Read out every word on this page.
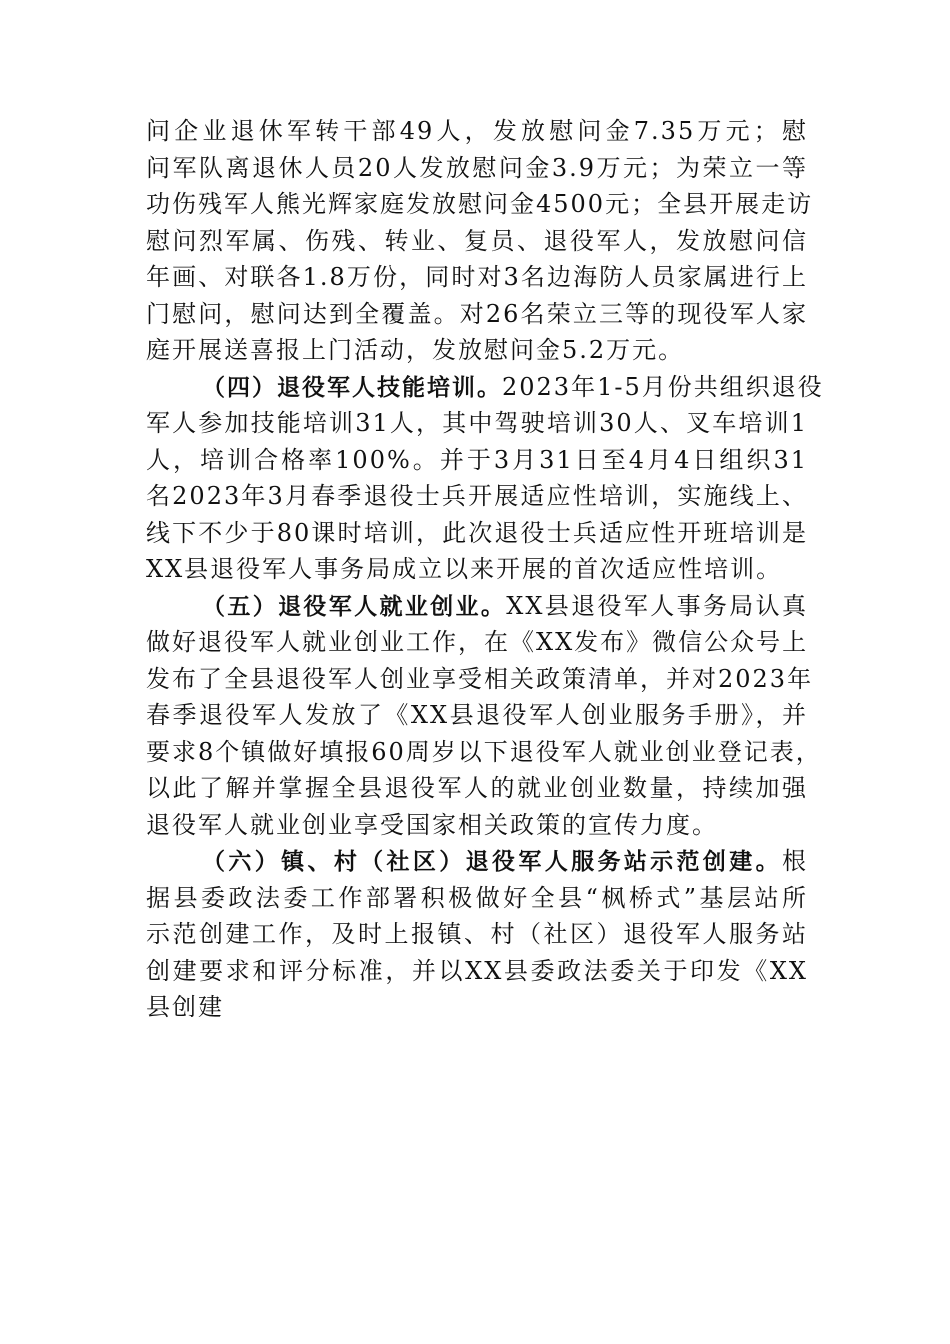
问企业退休军转干部49人，发放慰问金7.35万元；慰
问军队离退休人员20人发放慰问金3.9万元；为荣立一等
功伤残军人熊光辉家庭发放慰问金4500元；全县开展走访
慰问烈军属、伤残、转业、复员、退役军人，发放慰问信
年画、对联各1.8万份，同时对3名边海防人员家属进行上
门慰问，慰问达到全覆盖。对26名荣立三等的现役军人家
庭开展送喜报上门活动，发放慰问金5.2万元。
（四）退役军人技能培训。2023年1-5月份共组织退役
军人参加技能培训31人，其中驾驶培训30人、叉车培训1
人，培训合格率100%。并于3月31日至4月4日组织31
名2023年3月春季退役士兵开展适应性培训，实施线上、
线下不少于80课时培训，此次退役士兵适应性开班培训是
XX县退役军人事务局成立以来开展的首次适应性培训。
（五）退役军人就业创业。XX县退役军人事务局认真
做好退役军人就业创业工作，在《XX发布》微信公众号上
发布了全县退役军人创业享受相关政策清单，并对2023年
春季退役军人发放了《XX县退役军人创业服务手册》，并
要求8个镇做好填报60周岁以下退役军人就业创业登记表，
以此了解并掌握全县退役军人的就业创业数量，持续加强
退役军人就业创业享受国家相关政策的宣传力度。
（六）镇、村（社区）退役军人服务站示范创建。根
据县委政法委工作部署积极做好全县“枫桥式”基层站所
示范创建工作，及时上报镇、村（社区）退役军人服务站
创建要求和评分标准，并以XX县委政法委关于印发《XX
县创建
